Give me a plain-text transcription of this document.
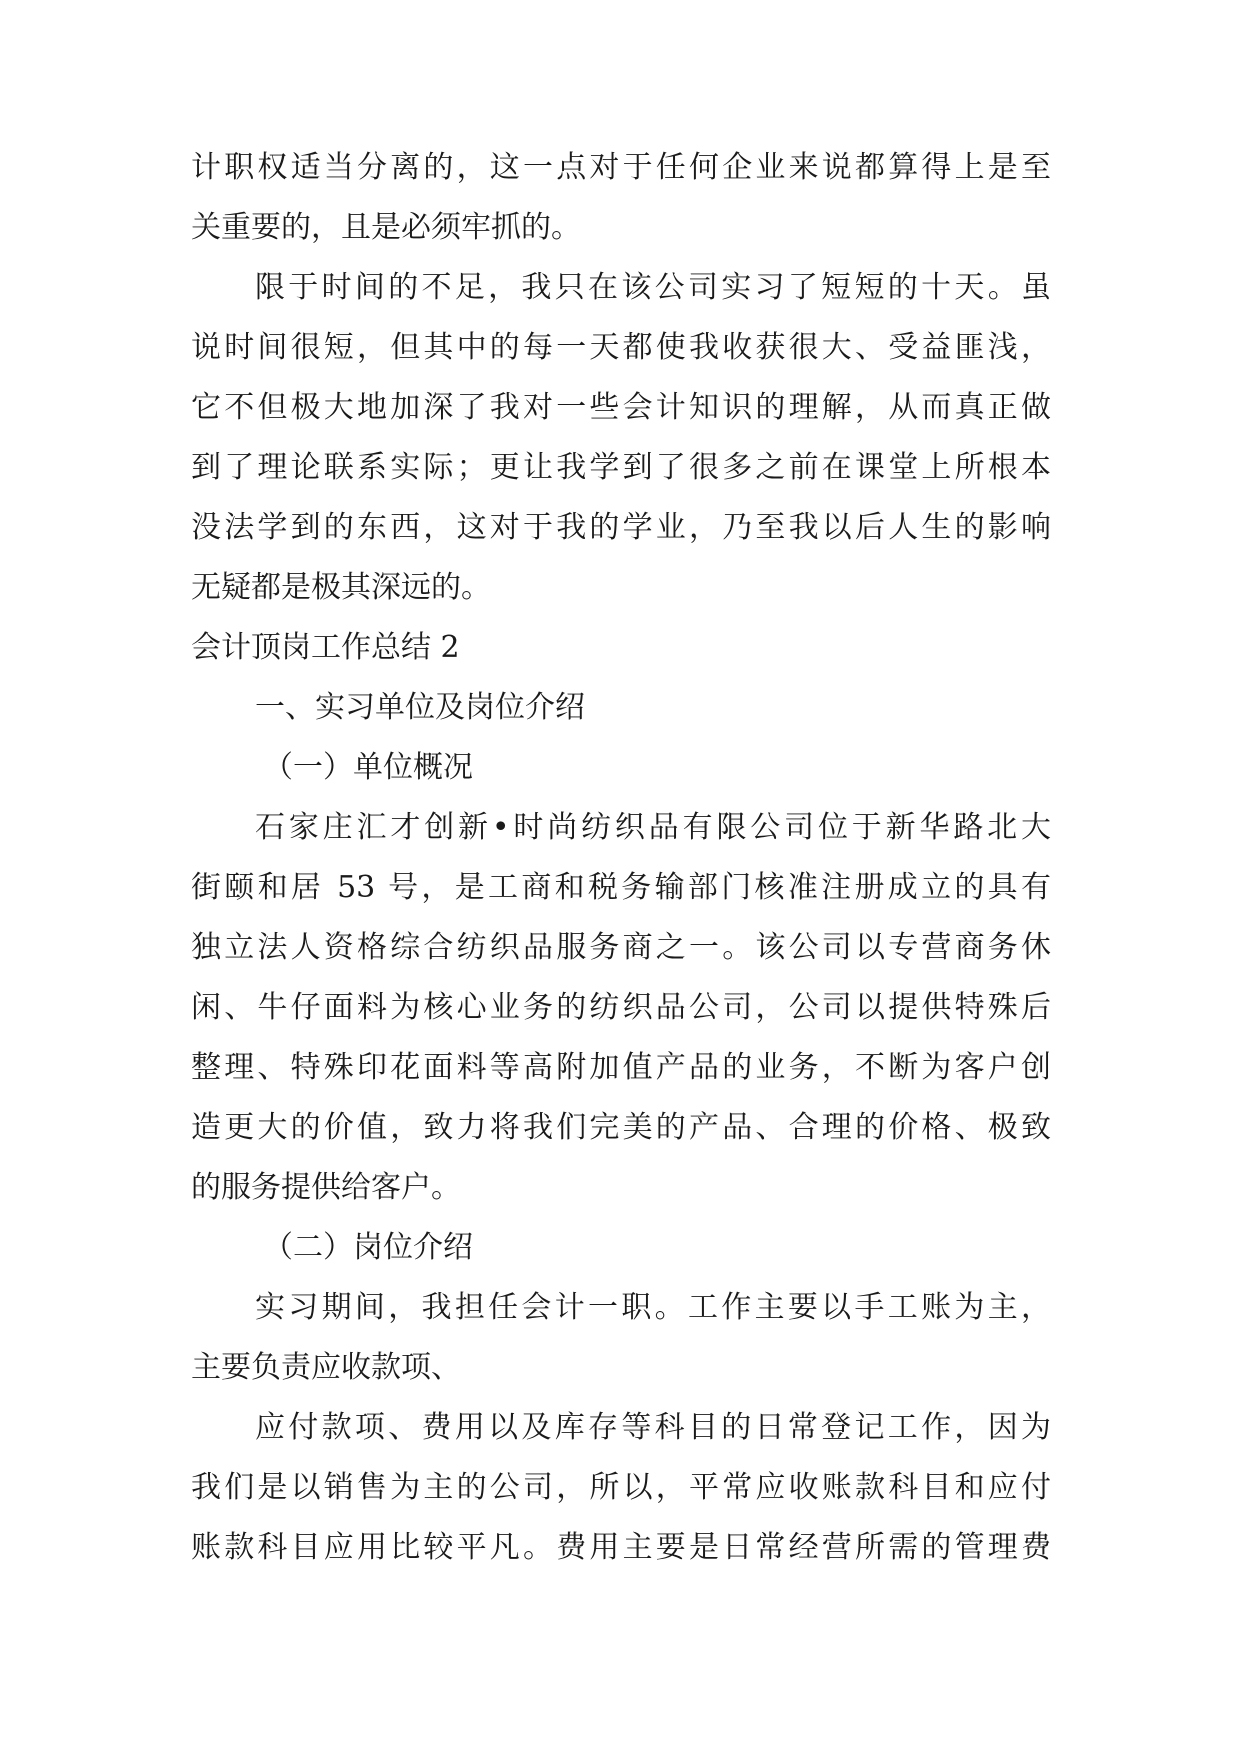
计职权适当分离的，这一点对于任何企业来说都算得上是至
关重要的，且是必须牢抓的。
限于时间的不足，我只在该公司实习了短短的十天。虽
说时间很短，但其中的每一天都使我收获很大、受益匪浅，
它不但极大地加深了我对一些会计知识的理解，从而真正做
到了理论联系实际；更让我学到了很多之前在课堂上所根本
没法学到的东西，这对于我的学业，乃至我以后人生的影响
无疑都是极其深远的。
会计顶岗工作总结 2
一、实习单位及岗位介绍
（一）单位概况
石家庄汇才创新•时尚纺织品有限公司位于新华路北大
街颐和居 53 号，是工商和税务输部门核准注册成立的具有
独立法人资格综合纺织品服务商之一。该公司以专营商务休
闲、牛仔面料为核心业务的纺织品公司，公司以提供特殊后
整理、特殊印花面料等高附加值产品的业务，不断为客户创
造更大的价值，致力将我们完美的产品、合理的价格、极致
的服务提供给客户。
（二）岗位介绍
实习期间，我担任会计一职。工作主要以手工账为主，
主要负责应收款项、
应付款项、费用以及库存等科目的日常登记工作，因为
我们是以销售为主的公司，所以，平常应收账款科目和应付
账款科目应用比较平凡。费用主要是日常经营所需的管理费
